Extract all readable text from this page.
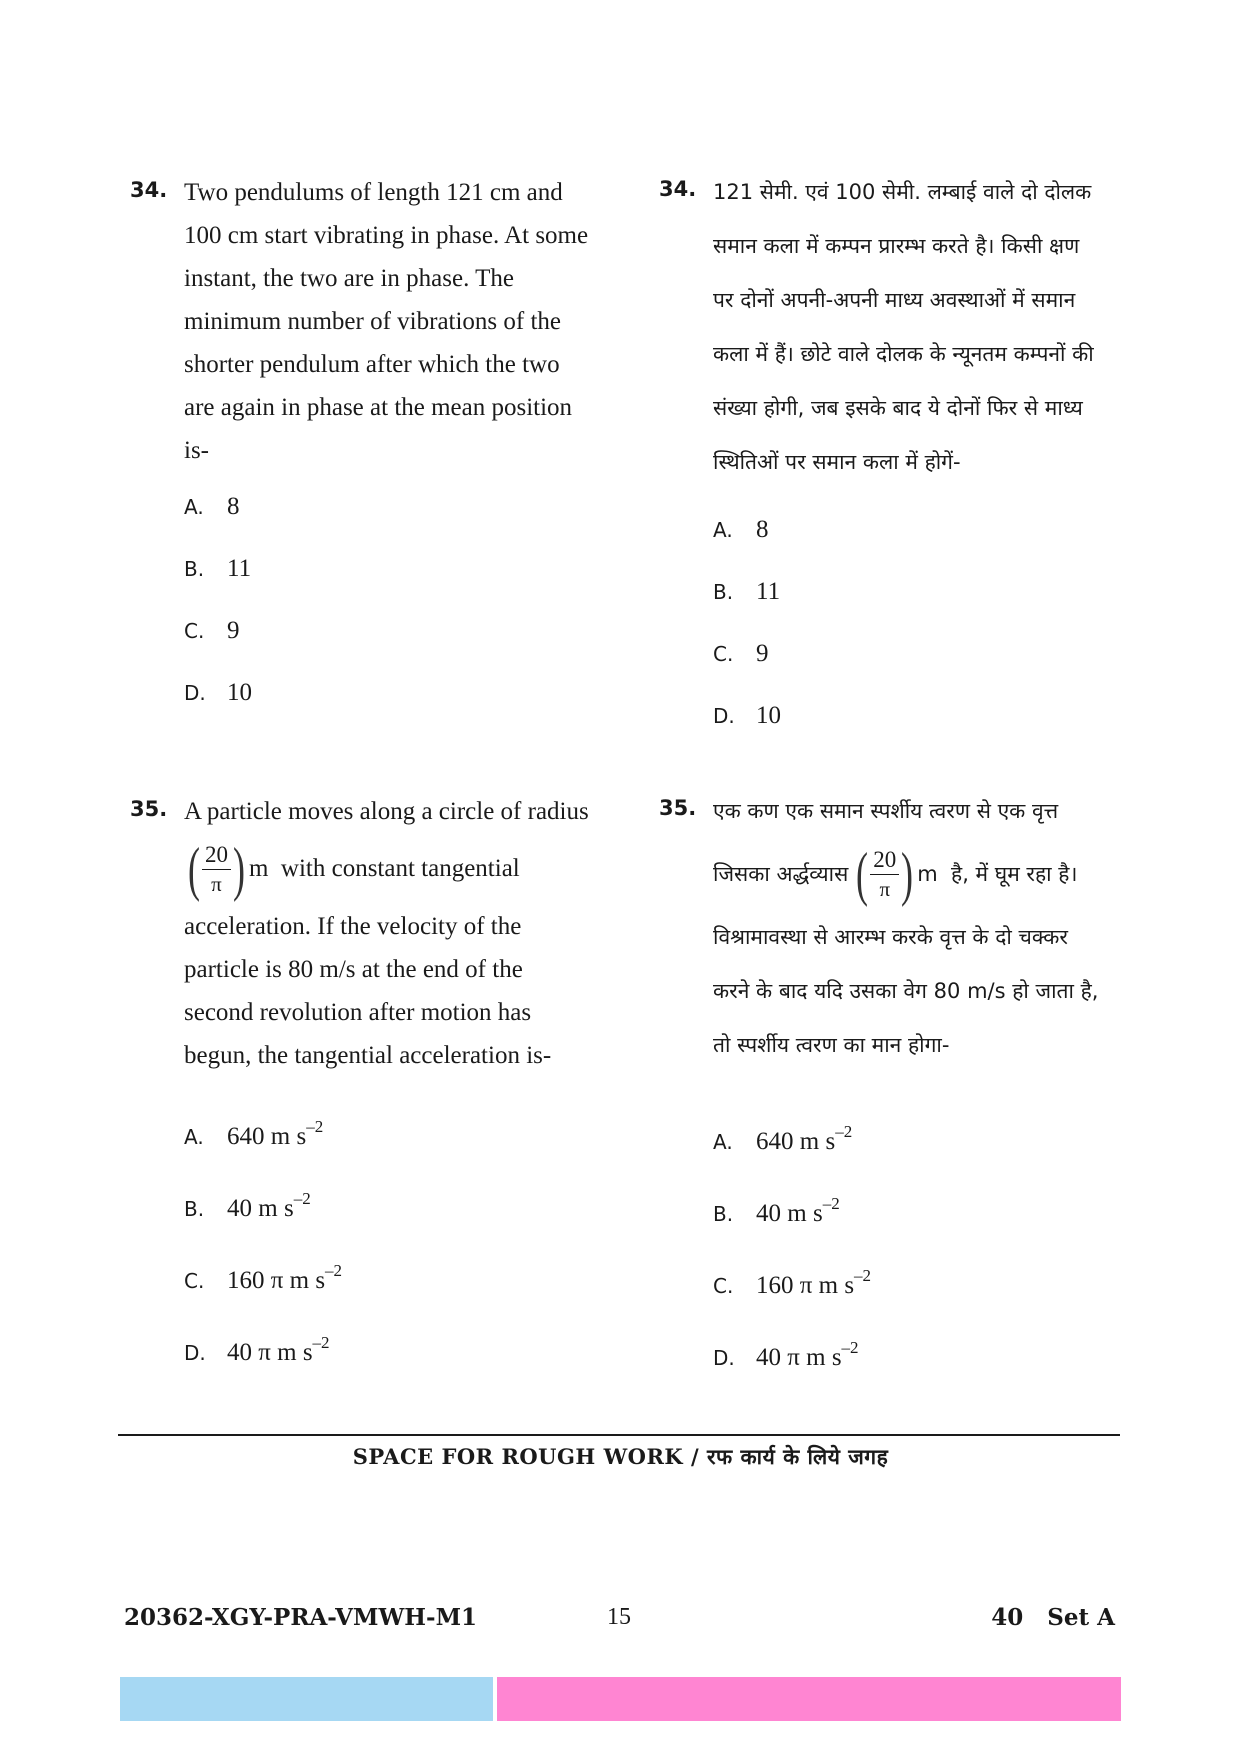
34. Two pendulums of length 121 cm and
100 cm start vibrating in phase. At some
instant, the two are in phase. The
minimum number of vibrations of the
shorter pendulum after which the two
are again in phase at the mean position
is-
A. 8
B. 11
C. 9
D. 10
34. 121 सेमी. एवं 100 सेमी. लम्बाई वाले दो दोलक
समान कला में कम्पन प्रारम्भ करते है। किसी क्षण
पर दोनों अपनी-अपनी माध्य अवस्थाओं में समान
कला में हैं। छोटे वाले दोलक के न्यूनतम कम्पनों की
संख्या होगी, जब इसके बाद ये दोनों फिर से माध्य
स्थितिओं पर समान कला में होगें-
A. 8
B. 11
C. 9
D. 10
35. A particle moves along a circle of radius
( $\frac{20}{\pi}$ ) m  with constant tangential
acceleration. If the velocity of the
particle is 80 m/s at the end of the
second revolution after motion has
begun, the tangential acceleration is-
A. 640 m s–2
B. 40 m s–2
C. 160 π m s–2
D. 40 π m s–2
35. एक कण एक समान स्पर्शीय त्वरण से एक वृत्त
जिसका अर्द्धव्यास ( $\frac{20}{\pi}$ ) m  है, में घूम रहा है।
विश्रामावस्था से आरम्भ करके वृत्त के दो चक्कर
करने के बाद यदि उसका वेग 80 m/s हो जाता है,
तो स्पर्शीय त्वरण का मान होगा-
A. 640 m s–2
B. 40 m s–2
C. 160 π m s–2
D. 40 π m s–2
SPACE FOR ROUGH WORK / रफ कार्य के लिये जगह
20362-XGY-PRA-VMWH-M1	15	40   Set A
